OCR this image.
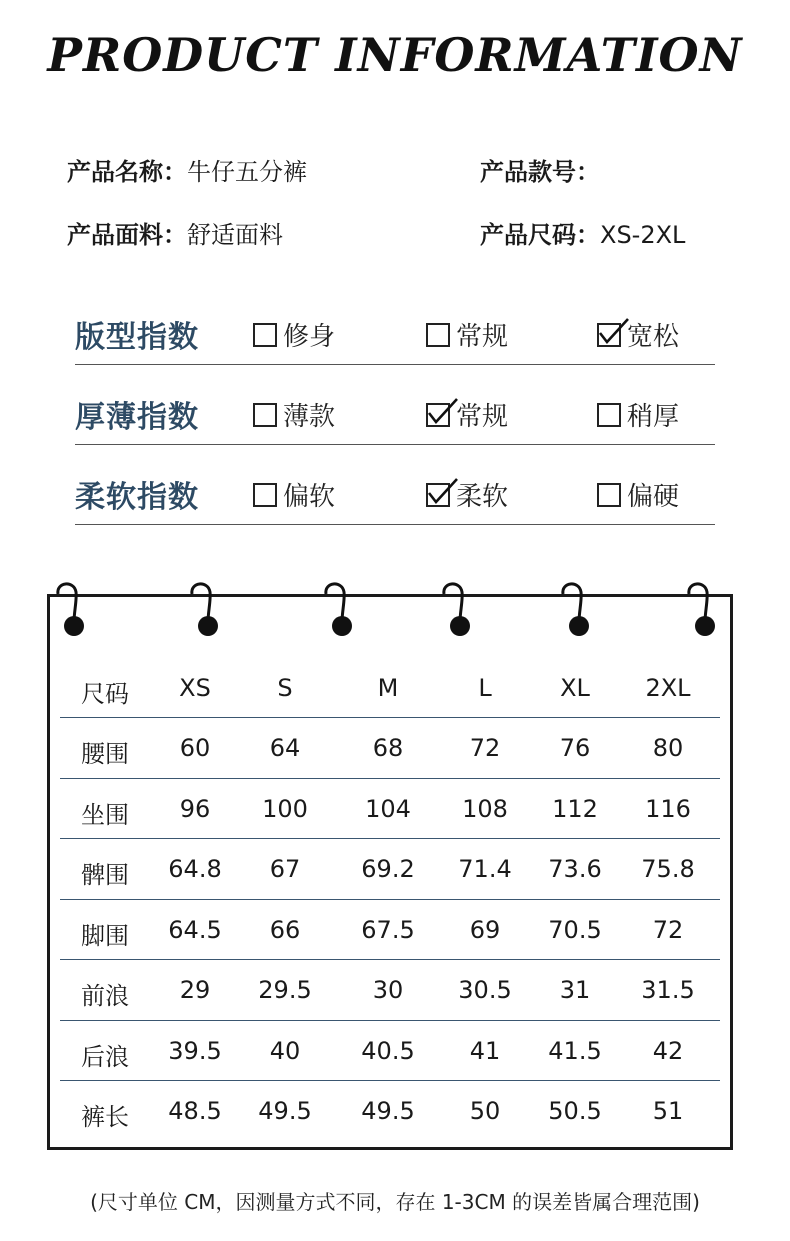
PRODUCT INFORMATION
产品名称：牛仔五分裤	产品款号：
产品面料：舒适面料	产品尺码：XS-2XL
版型指数	修身	常规	宽松
厚薄指数	薄款	常规	稍厚
柔软指数	偏软	柔软	偏硬
尺码	XS	S	M	L	XL	2XL
腰围	60	64	68	72	76	80
坐围	96	100	104	108	112	116
髀围	64.8	67	69.2	71.4	73.6	75.8
脚围	64.5	66	67.5	69	70.5	72
前浪	29	29.5	30	30.5	31	31.5
后浪	39.5	40	40.5	41	41.5	42
裤长	48.5	49.5	49.5	50	50.5	51
(尺寸单位 CM，因测量方式不同，存在 1-3CM 的误差皆属合理范围)
